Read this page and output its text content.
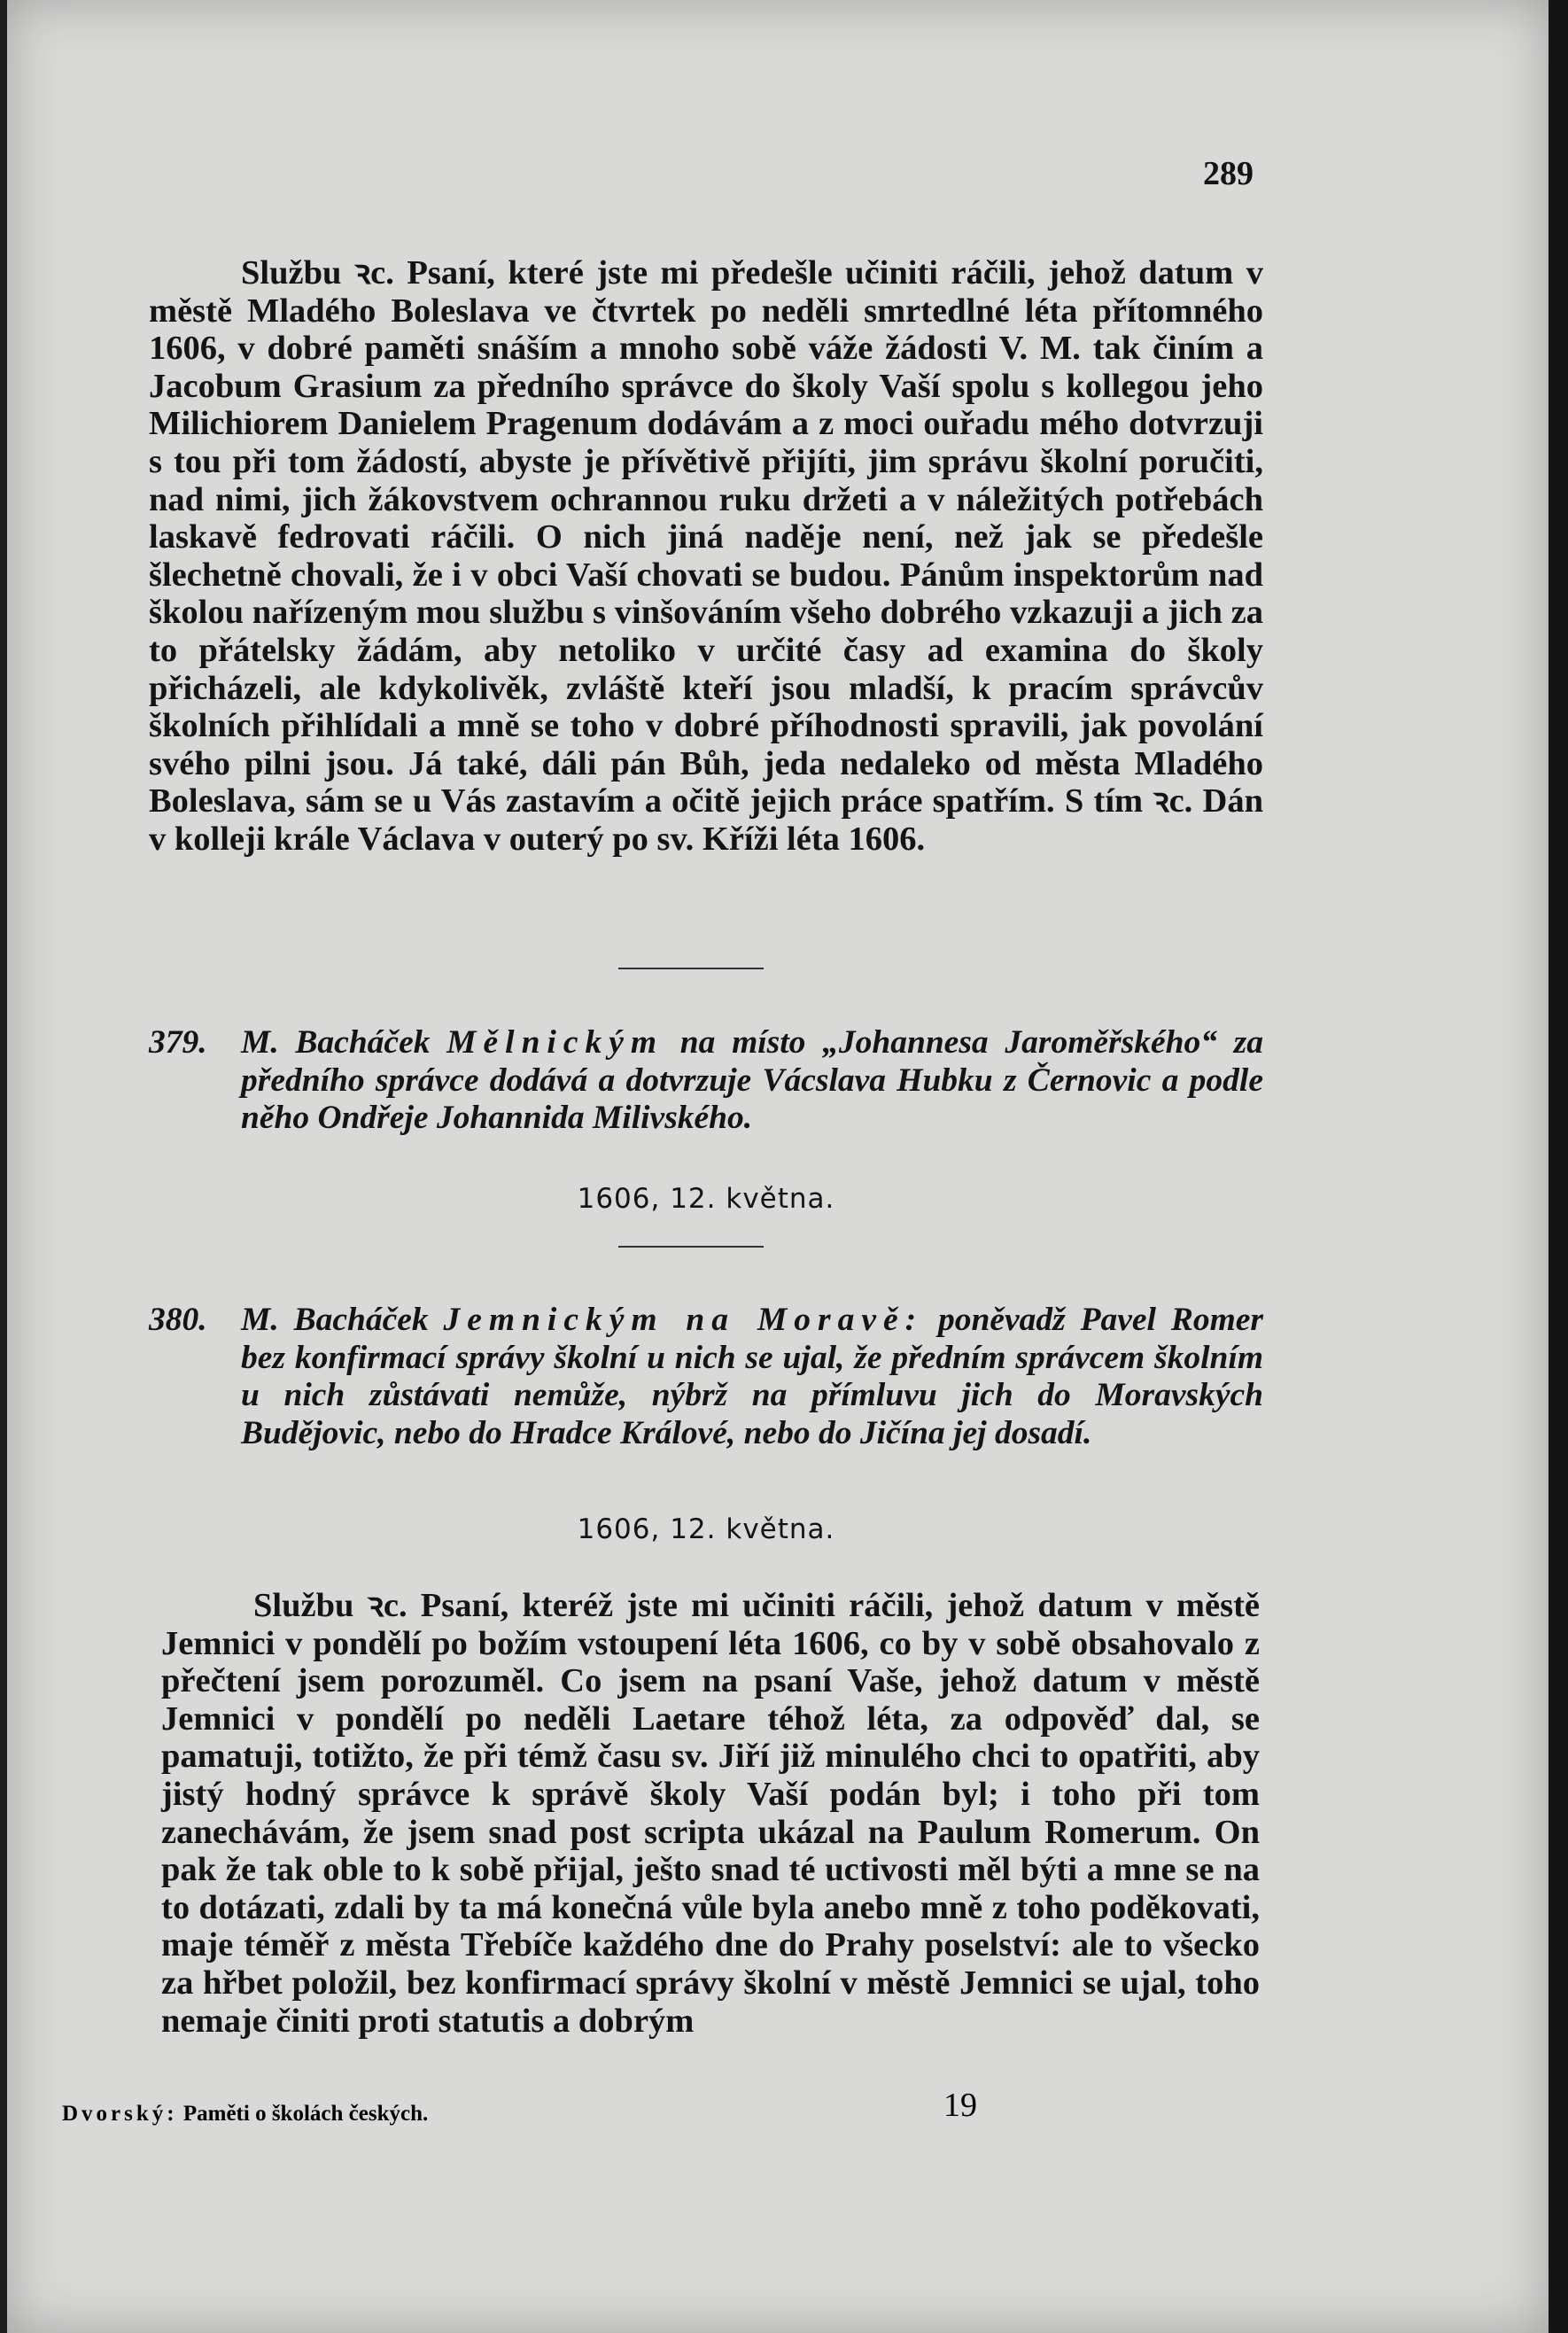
289
Službu ꝛc. Psaní, které jste mi předešle učiniti ráčili, jehož datum v městě Mladého Boleslava ve čtvrtek po neděli smrtedlné léta přítomného 1606, v dobré paměti snáším a mnoho sobě váže žádosti V. M. tak činím a Jacobum Grasium za předního správce do školy Vaší spolu s kollegou jeho Milichiorem Danielem Pragenum dodávám a z moci ouřadu mého dotvrzuji s tou při tom žádostí, abyste je přívětivě přijíti, jim správu školní poručiti, nad nimi, jich žákovstvem ochrannou ruku držeti a v náležitých potřebách laskavě fedrovati ráčili. O nich jiná naděje není, než jak se předešle šlechetně chovali, že i v obci Vaší chovati se budou. Pánům inspektorům nad školou nařízeným mou službu s vinšováním všeho dobrého vzkazuji a jich za to přátelsky žádám, aby netoliko v určité časy ad examina do školy přicházeli, ale kdykolivěk, zvláště kteří jsou mladší, k pracím správcův školních přihlídali a mně se toho v dobré příhodnosti spravili, jak povolání svého pilni jsou. Já také, dáli pán Bůh, jeda nedaleko od města Mladého Boleslava, sám se u Vás zastavím a očitě jejich práce spatřím. S tím ꝛc. Dán v kolleji krále Václava v outerý po sv. Kříži léta 1606.
379. M. Bacháček Mělnickým na místo „Johannesa Jaroměřského“ za předního správce dodává a dotvrzuje Vácslava Hubku z Černovic a podle něho Ondřeje Johannida Milivského.
1606, 12. května.
380. M. Bacháček Jemnickým na Moravě: poněvadž Pavel Romer bez konfirmací správy školní u nich se ujal, že předním správcem školním u nich zůstávati nemůže, nýbrž na přímluvu jich do Moravských Budějovic, nebo do Hradce Králové, nebo do Jičína jej dosadí.
1606, 12. května.
Službu ꝛc. Psaní, kteréž jste mi učiniti ráčili, jehož datum v městě Jemnici v pondělí po božím vstoupení léta 1606, co by v sobě obsahovalo z přečtení jsem porozuměl. Co jsem na psaní Vaše, jehož datum v městě Jemnici v pondělí po neděli Laetare téhož léta, za odpověď dal, se pamatuji, totižto, že při témž času sv. Jiří již minulého chci to opatřiti, aby jistý hodný správce k správě školy Vaší podán byl; i toho při tom zanechávám, že jsem snad post scripta ukázal na Paulum Romerum. On pak že tak oble to k sobě přijal, ješto snad té uctivosti měl býti a mne se na to dotázati, zdali by ta má konečná vůle byla anebo mně z toho poděkovati, maje téměř z města Třebíče každého dne do Prahy poselství: ale to všecko za hřbet položil, bez konfirmací správy školní v městě Jemnici se ujal, toho nemaje činiti proti statutis a dobrým
Dvorský: Paměti o školách českých.	19
